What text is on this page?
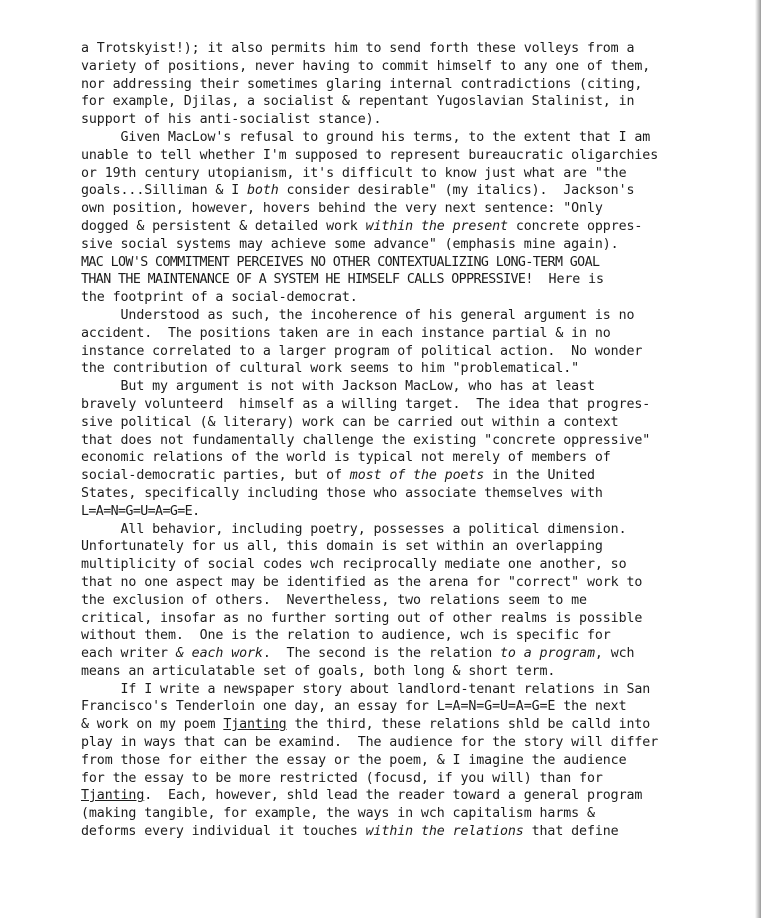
a Trotskyist!); it also permits him to send forth these volleys from a
variety of positions, never having to commit himself to any one of them,
nor addressing their sometimes glaring internal contradictions (citing,
for example, Djilas, a socialist & repentant Yugoslavian Stalinist, in
support of his anti-socialist stance).
Given MacLow's refusal to ground his terms, to the extent that I am
unable to tell whether I'm supposed to represent bureaucratic oligarchies
or 19th century utopianism, it's difficult to know just what are "the
goals...Silliman & I both consider desirable" (my italics).  Jackson's
own position, however, hovers behind the very next sentence: "Only
dogged & persistent & detailed work within the present concrete oppres-
sive social systems may achieve some advance" (emphasis mine again).
MAC LOW'S COMMITMENT PERCEIVES NO OTHER CONTEXTUALIZING LONG-TERM GOAL
THAN THE MAINTENANCE OF A SYSTEM HE HIMSELF CALLS OPPRESSIVE!  Here is
the footprint of a social-democrat.
Understood as such, the incoherence of his general argument is no
accident.  The positions taken are in each instance partial & in no
instance correlated to a larger program of political action.  No wonder
the contribution of cultural work seems to him "problematical."
But my argument is not with Jackson MacLow, who has at least
bravely volunteerd  himself as a willing target.  The idea that progres-
sive political (& literary) work can be carried out within a context
that does not fundamentally challenge the existing "concrete oppressive"
economic relations of the world is typical not merely of members of
social-democratic parties, but of most of the poets in the United
States, specifically including those who associate themselves with
L=A=N=G=U=A=G=E.
All behavior, including poetry, possesses a political dimension.
Unfortunately for us all, this domain is set within an overlapping
multiplicity of social codes wch reciprocally mediate one another, so
that no one aspect may be identified as the arena for "correct" work to
the exclusion of others.  Nevertheless, two relations seem to me
critical, insofar as no further sorting out of other realms is possible
without them.  One is the relation to audience, wch is specific for
each writer & each work.  The second is the relation to a program, wch
means an articulatable set of goals, both long & short term.
If I write a newspaper story about landlord-tenant relations in San
Francisco's Tenderloin one day, an essay for L=A=N=G=U=A=G=E the next
& work on my poem Tjanting the third, these relations shld be calld into
play in ways that can be examind.  The audience for the story will differ
from those for either the essay or the poem, & I imagine the audience
for the essay to be more restricted (focusd, if you will) than for
Tjanting.  Each, however, shld lead the reader toward a general program
(making tangible, for example, the ways in wch capitalism harms &
deforms every individual it touches within the relations that define
